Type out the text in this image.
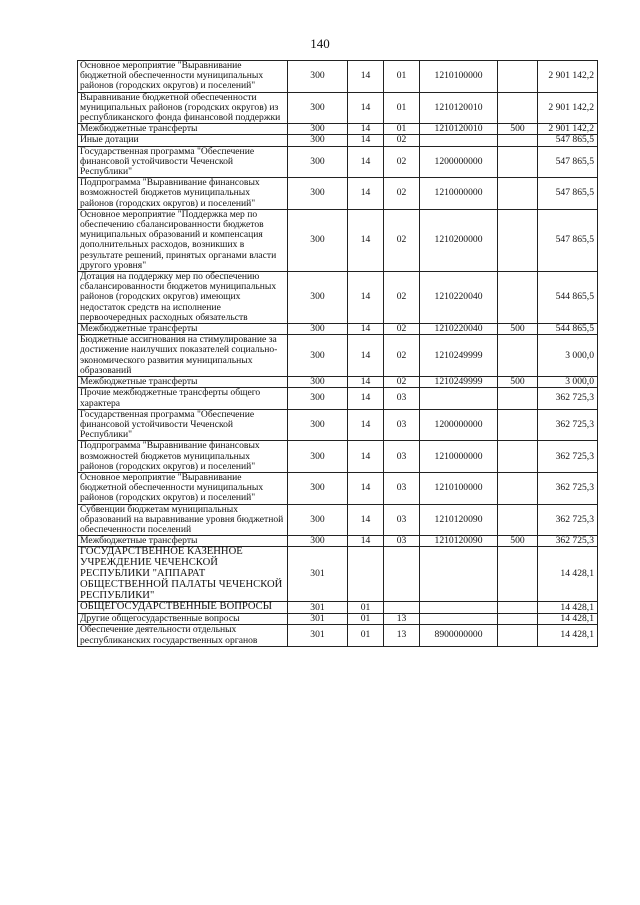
140
Основное мероприятие "Выравнивание бюджетной обеспеченности муниципальных районов (городских округов) и поселений"	300	14	01	1210100000		2 901 142,2
Выравнивание бюджетной обеспеченности муниципальных районов (городских округов) из республиканского фонда финансовой поддержки	300	14	01	1210120010		2 901 142,2
Межбюджетные трансферты	300	14	01	1210120010	500	2 901 142,2
Иные дотации	300	14	02			547 865,5
Государственная программа "Обеспечение финансовой устойчивости Чеченской Республики"	300	14	02	1200000000		547 865,5
Подпрограмма "Выравнивание финансовых возможностей бюджетов муниципальных районов (городских округов) и поселений"	300	14	02	1210000000		547 865,5
Основное мероприятие "Поддержка мер по обеспечению сбалансированности бюджетов муниципальных образований и компенсация дополнительных расходов, возникших в результате решений, принятых органами власти другого уровня"	300	14	02	1210200000		547 865,5
Дотация на поддержку мер по обеспечению сбалансированности бюджетов муниципальных районов (городских округов) имеющих недостаток средств на исполнение первоочередных расходных обязательств	300	14	02	1210220040		544 865,5
Межбюджетные трансферты	300	14	02	1210220040	500	544 865,5
Бюджетные ассигнования на стимулирование за достижение наилучших показателей социально-экономического развития муниципальных образований	300	14	02	1210249999		3 000,0
Межбюджетные трансферты	300	14	02	1210249999	500	3 000,0
Прочие межбюджетные трансферты общего характера	300	14	03			362 725,3
Государственная программа "Обеспечение финансовой устойчивости Чеченской Республики"	300	14	03	1200000000		362 725,3
Подпрограмма "Выравнивание финансовых возможностей бюджетов муниципальных районов (городских округов) и поселений"	300	14	03	1210000000		362 725,3
Основное мероприятие "Выравнивание бюджетной обеспеченности муниципальных районов (городских округов) и поселений"	300	14	03	1210100000		362 725,3
Субвенции бюджетам муниципальных образований на выравнивание уровня бюджетной обеспеченности поселений	300	14	03	1210120090		362 725,3
Межбюджетные трансферты	300	14	03	1210120090	500	362 725,3
ГОСУДАРСТВЕННОЕ КАЗЕННОЕ УЧРЕЖДЕНИЕ ЧЕЧЕНСКОЙ РЕСПУБЛИКИ "АППАРАТ ОБЩЕСТВЕННОЙ ПАЛАТЫ ЧЕЧЕНСКОЙ РЕСПУБЛИКИ"	301					14 428,1
ОБЩЕГОСУДАРСТВЕННЫЕ ВОПРОСЫ	301	01				14 428,1
Другие общегосударственные вопросы	301	01	13			14 428,1
Обеспечение деятельности отдельных республиканских государственных органов	301	01	13	8900000000		14 428,1
